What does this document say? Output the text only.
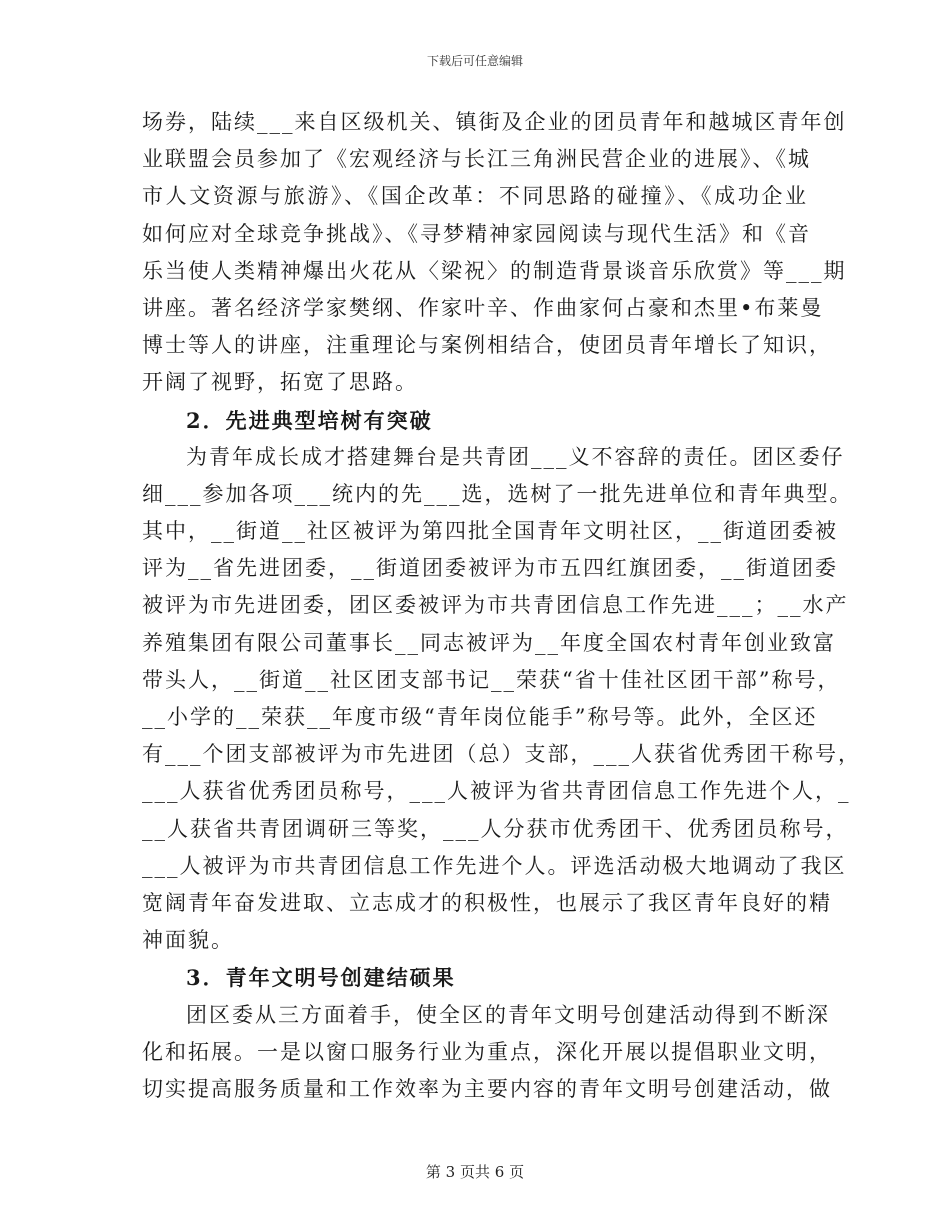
下载后可任意编辑
场券，陆续___来自区级机关、镇街及企业的团员青年和越城区青年创
业联盟会员参加了《宏观经济与长江三角洲民营企业的进展》、《城
市人文资源与旅游》、《国企改革：不同思路的碰撞》、《成功企业
如何应对全球竞争挑战》、《寻梦精神家园阅读与现代生活》和《音
乐当使人类精神爆出火花从〈梁祝〉的制造背景谈音乐欣赏》等___期
讲座。著名经济学家樊纲、作家叶辛、作曲家何占豪和杰里•布莱曼
博士等人的讲座，注重理论与案例相结合，使团员青年增长了知识，
开阔了视野，拓宽了思路。
2．先进典型培树有突破
为青年成长成才搭建舞台是共青团___义不容辞的责任。团区委仔
细___参加各项___统内的先___选，选树了一批先进单位和青年典型。
其中，__街道__社区被评为第四批全国青年文明社区，__街道团委被
评为__省先进团委，__街道团委被评为市五四红旗团委，__街道团委
被评为市先进团委，团区委被评为市共青团信息工作先进___；__水产
养殖集团有限公司董事长__同志被评为__年度全国农村青年创业致富
带头人，__街道__社区团支部书记__荣获“省十佳社区团干部”称号，
__小学的__荣获__年度市级“青年岗位能手”称号等。此外，全区还
有___个团支部被评为市先进团（总）支部，___人获省优秀团干称号，
___人获省优秀团员称号，___人被评为省共青团信息工作先进个人，_
__人获省共青团调研三等奖，___人分获市优秀团干、优秀团员称号，
___人被评为市共青团信息工作先进个人。评选活动极大地调动了我区
宽阔青年奋发进取、立志成才的积极性，也展示了我区青年良好的精
神面貌。
3．青年文明号创建结硕果
团区委从三方面着手，使全区的青年文明号创建活动得到不断深
化和拓展。一是以窗口服务行业为重点，深化开展以提倡职业文明，
切实提高服务质量和工作效率为主要内容的青年文明号创建活动，做
第 3 页共 6 页
